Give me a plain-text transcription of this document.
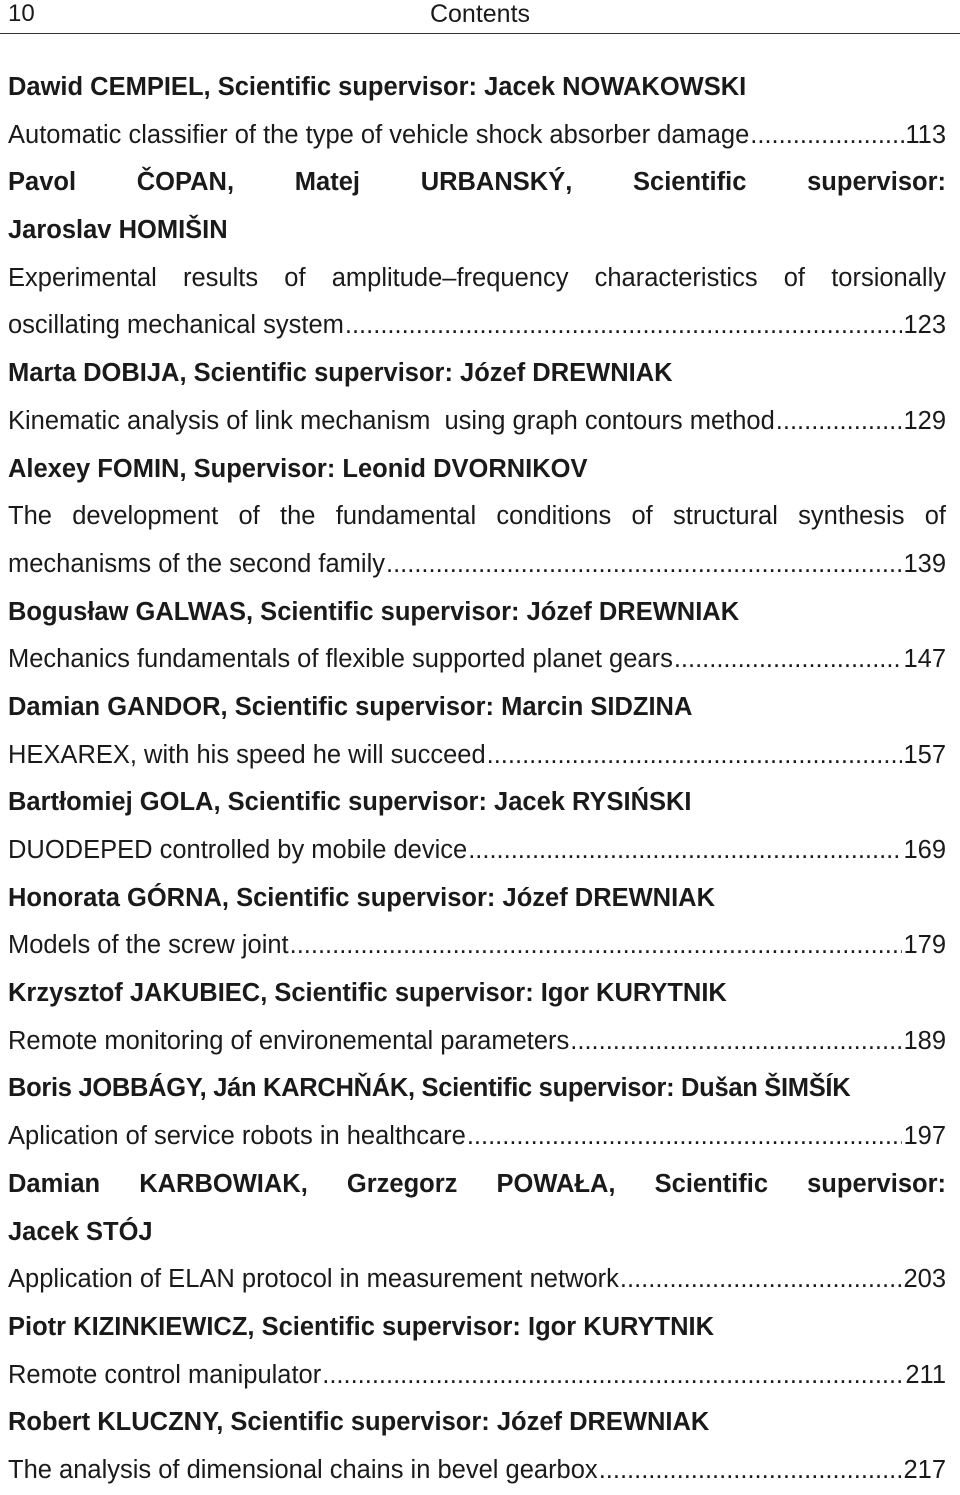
10	Contents
Dawid CEMPIEL, Scientific supervisor: Jacek NOWAKOWSKI
Automatic classifier of the type of vehicle shock absorber damage .....	113
Pavol ČOPAN, Matej URBANSKÝ, Scientific supervisor:
Jaroslav HOMIŠIN
Experimental results of amplitude–frequency characteristics of torsionally
oscillating mechanical system .....	123
Marta DOBIJA, Scientific supervisor: Józef DREWNIAK
Kinematic analysis of link mechanism  using graph contours method .....	129
Alexey FOMIN, Supervisor: Leonid DVORNIKOV
The development of the fundamental conditions of structural synthesis of
mechanisms of the second family .....	139
Bogusław GALWAS, Scientific supervisor: Józef DREWNIAK
Mechanics fundamentals of flexible supported planet gears .....	147
Damian GANDOR, Scientific supervisor: Marcin SIDZINA
HEXAREX, with his speed he will succeed .....	157
Bartłomiej GOLA, Scientific supervisor: Jacek RYSIŃSKI
DUODEPED controlled by mobile device .....	169
Honorata GÓRNA, Scientific supervisor: Józef DREWNIAK
Models of the screw joint .....	179
Krzysztof JAKUBIEC, Scientific supervisor: Igor KURYTNIK
Remote monitoring of environemental parameters .....	189
Boris JOBBÁGY, Ján KARCHŇÁK, Scientific supervisor: Dušan ŠIMŠÍK
Aplication of service robots in healthcare .....	197
Damian KARBOWIAK, Grzegorz POWAŁA, Scientific supervisor:
Jacek STÓJ
Application of ELAN protocol in measurement network .....	203
Piotr KIZINKIEWICZ, Scientific supervisor: Igor KURYTNIK
Remote control manipulator .....	211
Robert KLUCZNY, Scientific supervisor: Józef DREWNIAK
The analysis of dimensional chains in bevel gearbox .....	217
